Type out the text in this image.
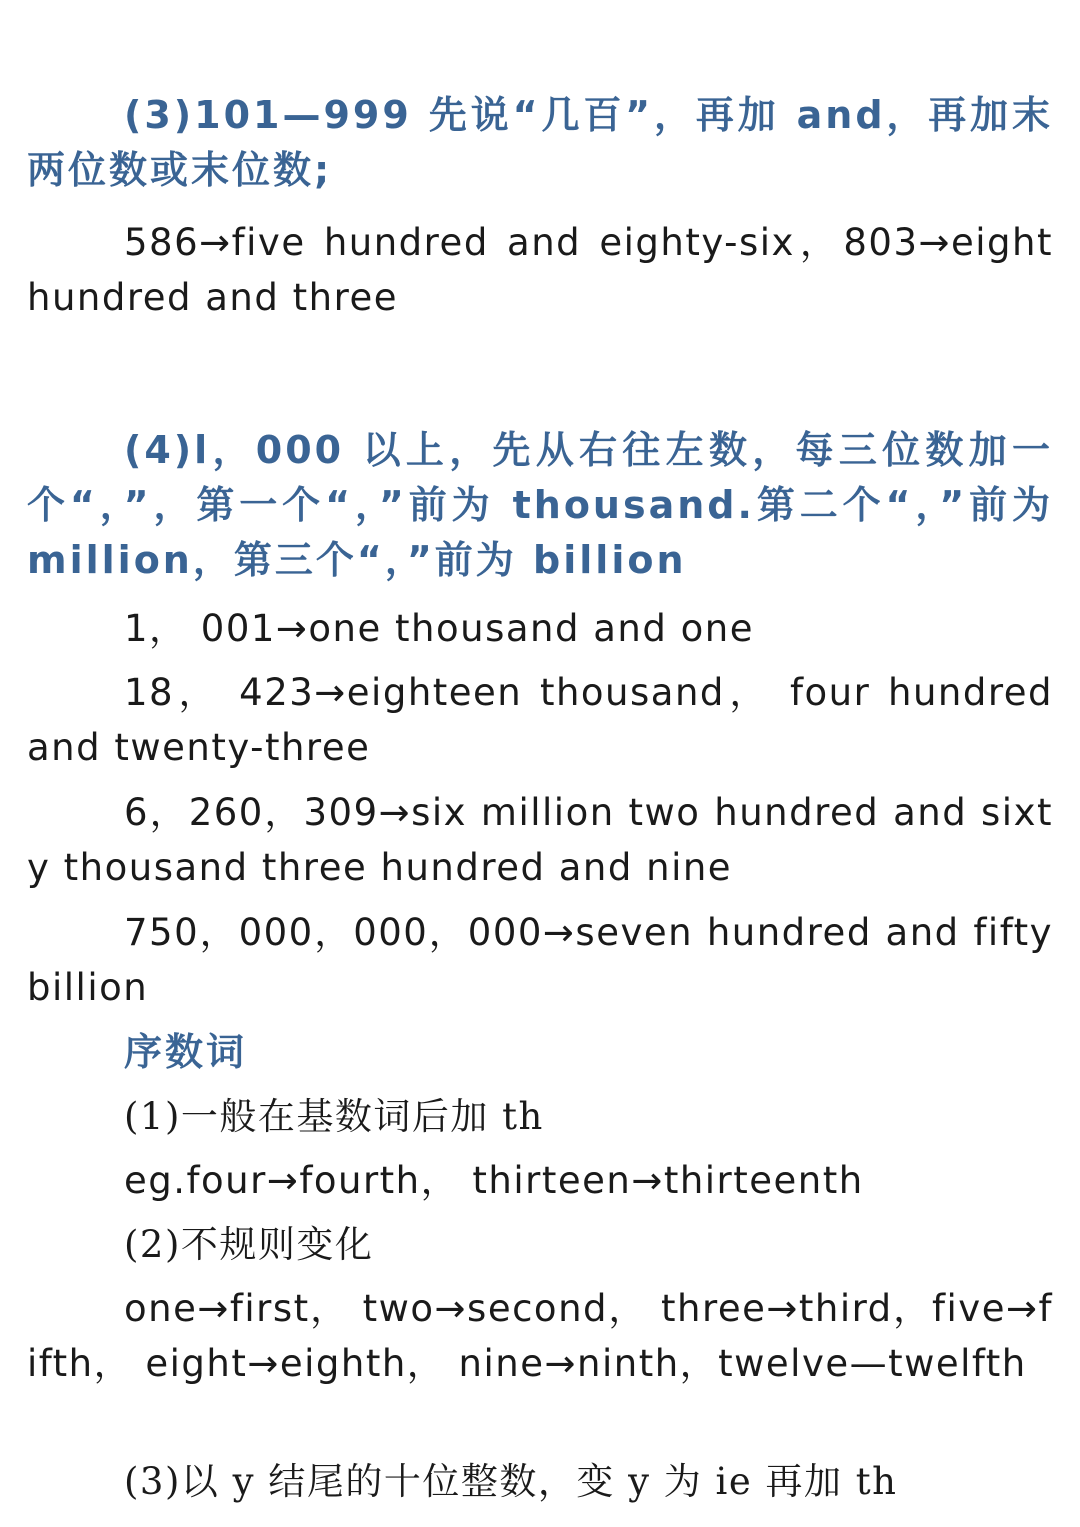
(3)101—999 先说“几百”，再加 and，再加末两位数或末位数;

586→five hundred and eighty-six，803→eight hundred and three

(4)l，000 以上，先从右往左数，每三位数加一个“，”，第一个“，”前为 thousand.第二个“，”前为 million，第三个“，”前为 billion

1， 001→one thousand and one

18， 423→eighteen thousand， four hundred and twenty-three

6，260，309→six million two hundred and sixty thousand three hundred and nine

750，000，000，000→seven hundred and fifty billion

序数词

(1)一般在基数词后加 th

eg.four→fourth， thirteen→thirteenth

(2)不规则变化

one→first， two→second， three→third，five→fifth， eight→eighth， nine→ninth，twelve—twelfth

(3)以 y 结尾的十位整数，变 y 为 ie 再加 th
